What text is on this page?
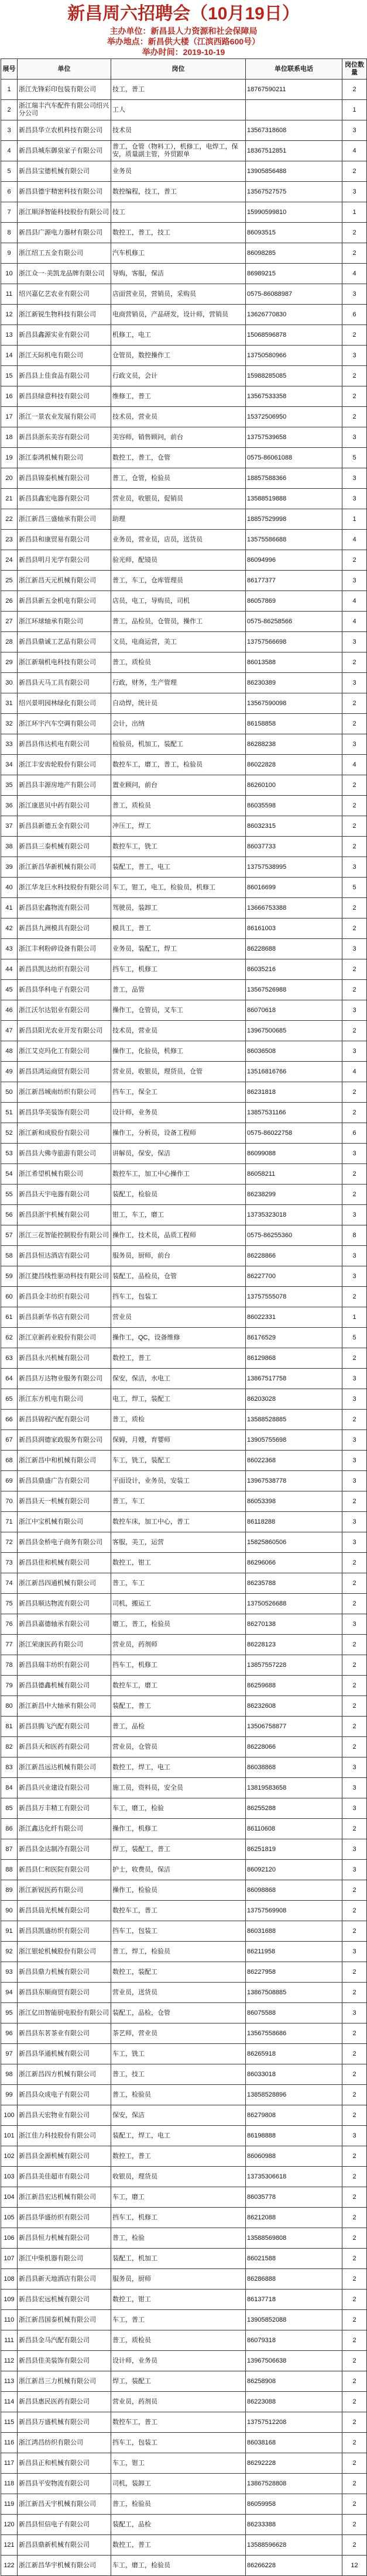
新昌周六招聘会（10月19日）
主办单位：新昌县人力资源和社会保障局
举办地点：新昌供大楼（江滨西路600号）
举办时间：2019-10-19
展号	单位	岗位	单位联系电话	岗位数量
1	浙江先锋彩印包装有限公司	技工，普工	18767590211	2
2	浙江瑞丰汽车配件有限公司绍兴分公司	工人		1
3	新昌县华立农机科技有限公司	技术员	13567318608	3
4	新昌县城东御泉家子有限公司	普工，仓管（物料工），机修工，电焊工，保安，质量副主管，外贸跟单	18367512851	4
5	新昌县宝德机械有限公司	业务员	13905856488	2
6	新昌县德宇精密科技有限公司	数控编程，技工，普工	13567527575	3
7	浙江顺泽智能科技股份有限公司	技工	15990599810	1
8	新昌县广源电力器材有限公司	数控工，普工，技工	86093515	2
9	浙江绍工五金有限公司	汽车机修工	86098285	2
10	浙江众一·美凯龙品牌有限公司	导购，客服，保洁	86989215	4
11	绍兴嘉亿艺农业有限公司	店面营业员，营销员，采购员	0575-86088987	3
12	浙江新锐生物科技有限公司	电商营销员，产品研发，设计师，营销员	13626770830	6
13	新昌县鑫源实业有限公司	机修工，电工	15068596878	2
14	浙江天际机电有限公司	仓管员，数控操作工	13750580966	3
15	新昌县上佳食品有限公司	行政文员，会计	15988285085	2
16	新昌县绿意科技有限公司	维修工，普工	13567533358	2
17	浙江一景农业发展有限公司	技术员，营业员	15372506950	2
18	新昌县浙东美容有限公司	美容师，销售顾问，前台	13757539658	3
19	浙江泰鸿机械有限公司	数控工，普工，仓管	0575-86061088	5
20	新昌县锦泰机械有限公司	普工，仓管，检验员	18857588366	3
21	新昌县鑫宏电器有限公司	营业员，收银员，促销员	13588519888	3
22	浙江新昌三盛轴承有限公司	助理	18857529998	1
23	新昌县和康贸易有限公司	业务员，营业员，店员，送货员	13575586688	4
24	新昌县明月光学有限公司	验光师，配镜员	86094996	2
25	浙江新昌天元机械有限公司	普工，车工，仓库管理员	86177377	3
26	新昌县新五金机电有限公司	店员，电工，导购员，司机	86057869	4
27	浙江环球轴承有限公司	普工，品检员，仓管员，操作工	0575-86258566	4
28	新昌县鼎诚工艺品有限公司	文员，电商运营，美工	13757566698	3
29	浙江新瑞机电科技有限公司	普工，质检员	86013588	2
30	新昌县天马工具有限公司	行政，财务，生产管理	86230389	3
31	绍兴景明园林绿化有限公司	自动焊，统计员	13567590098	2
32	浙江环宇汽车空调有限公司	会计，出纳	86158858	2
33	新昌县伟达机电有限公司	检验员，机加工，装配工	86288238	3
34	浙江丰安齿轮股份有限公司	数控车工，磨工，普工，检验员	86022828	4
35	新昌县丰源房地产有限公司	置业顾问，前台	86260100	2
36	浙江康恩贝中药有限公司	普工，质检员	86035598	2
37	新昌县新德五金有限公司	冲压工，焊工	86032315	2
38	新昌县三泰机械有限公司	数控车工，铣工	86037733	2
39	浙江新昌华新机械有限公司	装配工，普工，电工	13757538995	3
40	浙江华龙巨水科技股份有限公司	车工，钳工，电工，检验员，机修工	86016699	5
41	新昌县宏鑫物流有限公司	驾驶员，装卸工	13666753388	2
42	新昌县九洲模具有限公司	模具工，普工	86161003	2
43	浙江丰利粉碎设备有限公司	业务员，装配工，焊工	86228688	3
44	新昌县凯达纺织有限公司	挡车工，机修工	86035216	2
45	新昌县华科电子有限公司	普工，品管	13567526988	2
46	浙江沃尔达铝业有限公司	操作工，仓管员，叉车工	86070618	3
47	新昌县阳光农业开发有限公司	技术员，营业员	13967500685	2
48	浙江艾克玛化工有限公司	操作工，化验员，机修工	86036508	3
49	新昌县鸿运商贸有限公司	营业员，收银员，理货员，仓管	13516816766	4
50	浙江新昌城南纺织有限公司	挡车工，保全工	86231818	2
51	新昌县华美装饰有限公司	设计师，业务员	13857531166	2
52	浙江新和成股份有限公司	操作工，分析员，设备工程师	0575-86022758	6
53	新昌县大佛寺旅游有限公司	讲解员，保安，保洁	86099088	3
54	浙江希望机械有限公司	数控车工，加工中心操作工	86058211	2
55	新昌县天宇电器有限公司	装配工，检验员	86238299	2
56	新昌县浙宇机械有限公司	钳工，车工，磨工	13735323018	3
57	浙江三花智能控制股份有限公司	操作工，技术员，品质工程师	0575-86255360	8
58	新昌县恒达酒店有限公司	服务员，厨师，前台	86228866	3
59	浙江捷昌线性驱动科技有限公司	装配工，品检员，仓管	86227700	3
60	新昌县金丰纺织有限公司	挡车工，包装工	13757555078	2
61	新昌县新华书店有限公司	营业员	86022331	1
62	浙江京新药业股份有限公司	操作工，QC，设备维修	86176529	5
63	新昌县永兴机械有限公司	数控工，普工	86129868	2
64	新昌县万达物业服务有限公司	保安，保洁，水电工	13867517758	3
65	浙江东方机电有限公司	电工，焊工，装配工	86203028	3
66	新昌县锦程汽配有限公司	普工，质检	13588528885	2
67	新昌县润德家政服务有限公司	保姆，月嫂，育婴师	13905755698	3
68	浙江新昌中和机械有限公司	车工，铣工，装配工	86022368	3
69	新昌县鼎盛广告有限公司	平面设计，业务员，安装工	13967538778	3
70	新昌县天一机械有限公司	普工，车工	86053398	2
71	浙江中宝机械有限公司	数控车床，加工中心，普工	86118288	3
72	新昌县金桥电子商务有限公司	客服，美工，运营	15825860506	3
73	新昌县佳和机械有限公司	数控工，钳工	86296066	2
74	浙江新昌四通机械有限公司	普工，车工	86235788	2
75	新昌县顺达物流有限公司	司机，搬运工	13750526688	2
76	新昌县嘉德轴承有限公司	磨工，普工，检验员	86270138	3
77	浙江荣康医药有限公司	营业员，药剂师	86228123	2
78	新昌县瑞丰纺织有限公司	挡车工，机修工	13857557228	2
79	新昌县德鑫机械有限公司	数控车工，磨工	86259688	2
80	浙江新昌中大轴承有限公司	装配工，普工	86232608	2
81	新昌县腾飞汽配有限公司	普工，品检	13506758877	2
82	新昌县天和医药有限公司	营业员，仓管员	86228066	2
83	浙江新昌远达机械有限公司	数控工，焊工，电工	86038868	3
84	新昌县兴业建设有限公司	施工员，资料员，安全员	13819583658	3
85	新昌县万丰精工有限公司	车工，磨工，检验	86255288	3
86	浙江鑫达化纤有限公司	操作工，机修工	86110608	2
87	新昌县金达制冷有限公司	焊工，装配工，普工	86251819	3
88	新昌县仁和医院有限公司	护士，收费员，保洁	86092120	3
89	浙江新锐医药有限公司	操作工，检验员	86098868	2
90	新昌县晨光机械有限公司	数控车工，普工	13757569908	2
91	新昌县凯盛纺织有限公司	挡车工，包装工	86031688	2
92	浙江银轮机械股份有限公司	普工，焊工，检验员	86211958	3
93	新昌县鼎力机械有限公司	数控工，装配工	86227958	2
94	新昌县东顺商贸有限公司	营业员，送货员	13867508885	2
95	浙江亿田智能厨电股份有限公司	装配工，品检，仓管	86075588	3
96	新昌县东茗茶业有限公司	茶艺师，营业员	13567558686	2
97	新昌县华通机械有限公司	车工，铣工	86265918	2
98	浙江新昌四方机械有限公司	普工，技工	86033018	2
99	新昌县众成电子有限公司	普工，检验员	13858528896	2
100	新昌县天宏物业有限公司	保安，保洁	86279808	2
101	浙江佳力科技股份有限公司	装配工，焊工，电工	86198888	3
102	新昌县金源机械有限公司	数控工，普工	86060988	2
103	新昌县美佳超市有限公司	收银员，理货员	13735306618	2
104	浙江新昌宏达机械有限公司	车工，磨工	86035778	2
105	新昌县华盛纺织有限公司	挡车工，机修工	86212088	2
106	新昌县恒力机械有限公司	普工，检验	13588569808	2
107	浙江中柴机器有限公司	装配工，机加工	86021588	2
108	新昌县新天地酒店有限公司	服务员，厨师	86286888	2
109	新昌县宏远机械有限公司	数控工，钳工	86137718	2
110	浙江新昌国泰机械有限公司	车工，普工	13905852088	2
111	新昌县金马汽配有限公司	普工，质检员	86079318	2
112	新昌县佳美装饰有限公司	设计师，业务员	13967506638	2
113	浙江新昌三力机械有限公司	焊工，装配工	86258908	2
114	新昌县惠民医药有限公司	营业员，药剂员	86223088	2
115	新昌县万盛机械有限公司	数控车工，普工	13757512208	2
116	浙江鸿昌纺织有限公司	挡车工，包装工	86038168	2
117	新昌县正和机械有限公司	车工，钳工	86292228	2
118	新昌县平安物流有限公司	司机，装卸工	13867528808	2
119	浙江新昌天宇机械有限公司	普工，检验员	86059958	2
120	新昌县恒信电子有限公司	装配工，品检	86233388	2
121	新昌县鼎新机械有限公司	数控工，普工	13588596628	2
122	浙江新昌华宇机械有限公司	车工，磨工，检验员	86266228	12
